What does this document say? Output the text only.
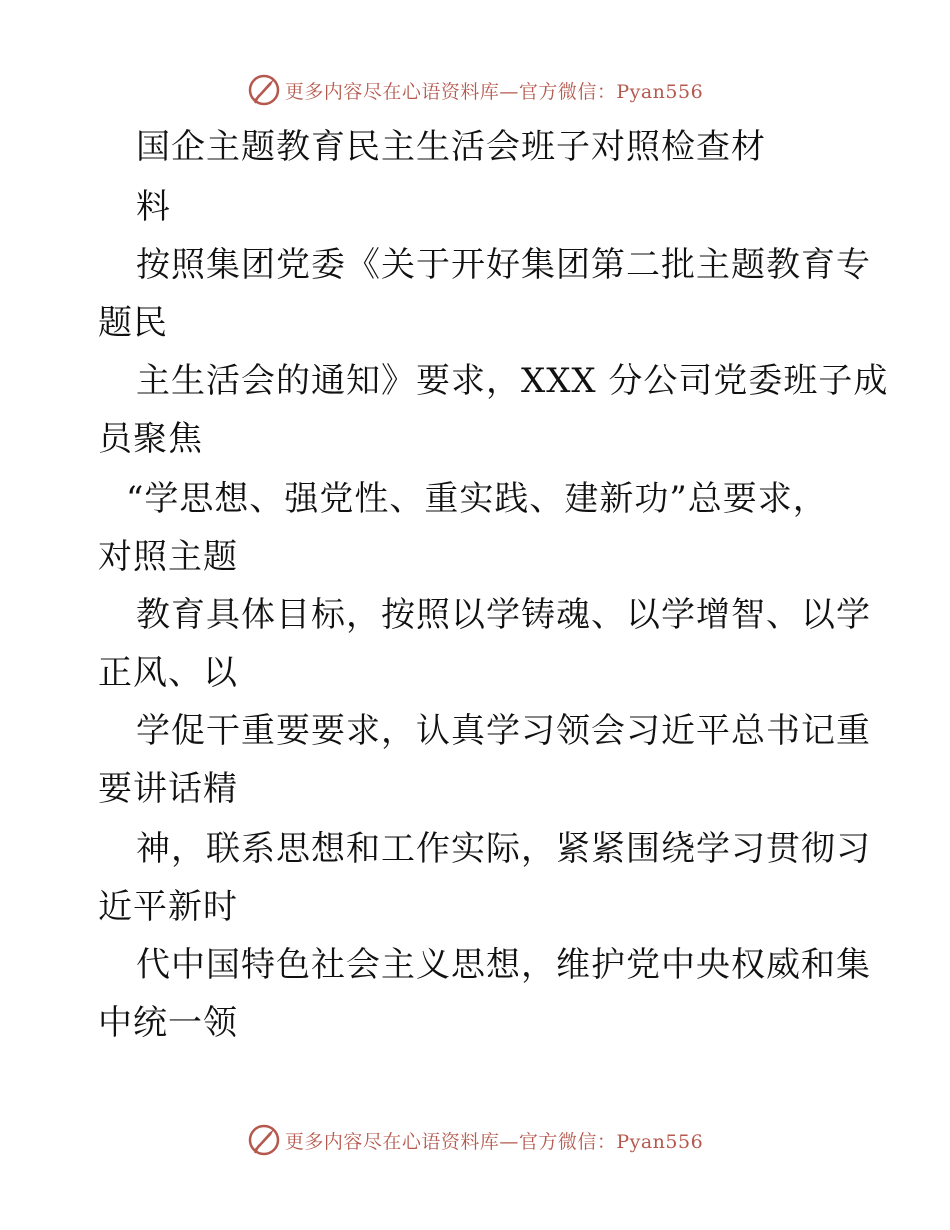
更多内容尽在心语资料库—官方微信：Pyan556
国企主题教育民主生活会班子对照检查材
料
按照集团党委《关于开好集团第二批主题教育专
题民
主生活会的通知》要求，XXX 分公司党委班子成
员聚焦
“学思想、强党性、重实践、建新功”总要求，
对照主题
教育具体目标，按照以学铸魂、以学增智、以学
正风、以
学促干重要要求，认真学习领会习近平总书记重
要讲话精
神，联系思想和工作实际，紧紧围绕学习贯彻习
近平新时
代中国特色社会主义思想，维护党中央权威和集
中统一领
更多内容尽在心语资料库—官方微信：Pyan556
